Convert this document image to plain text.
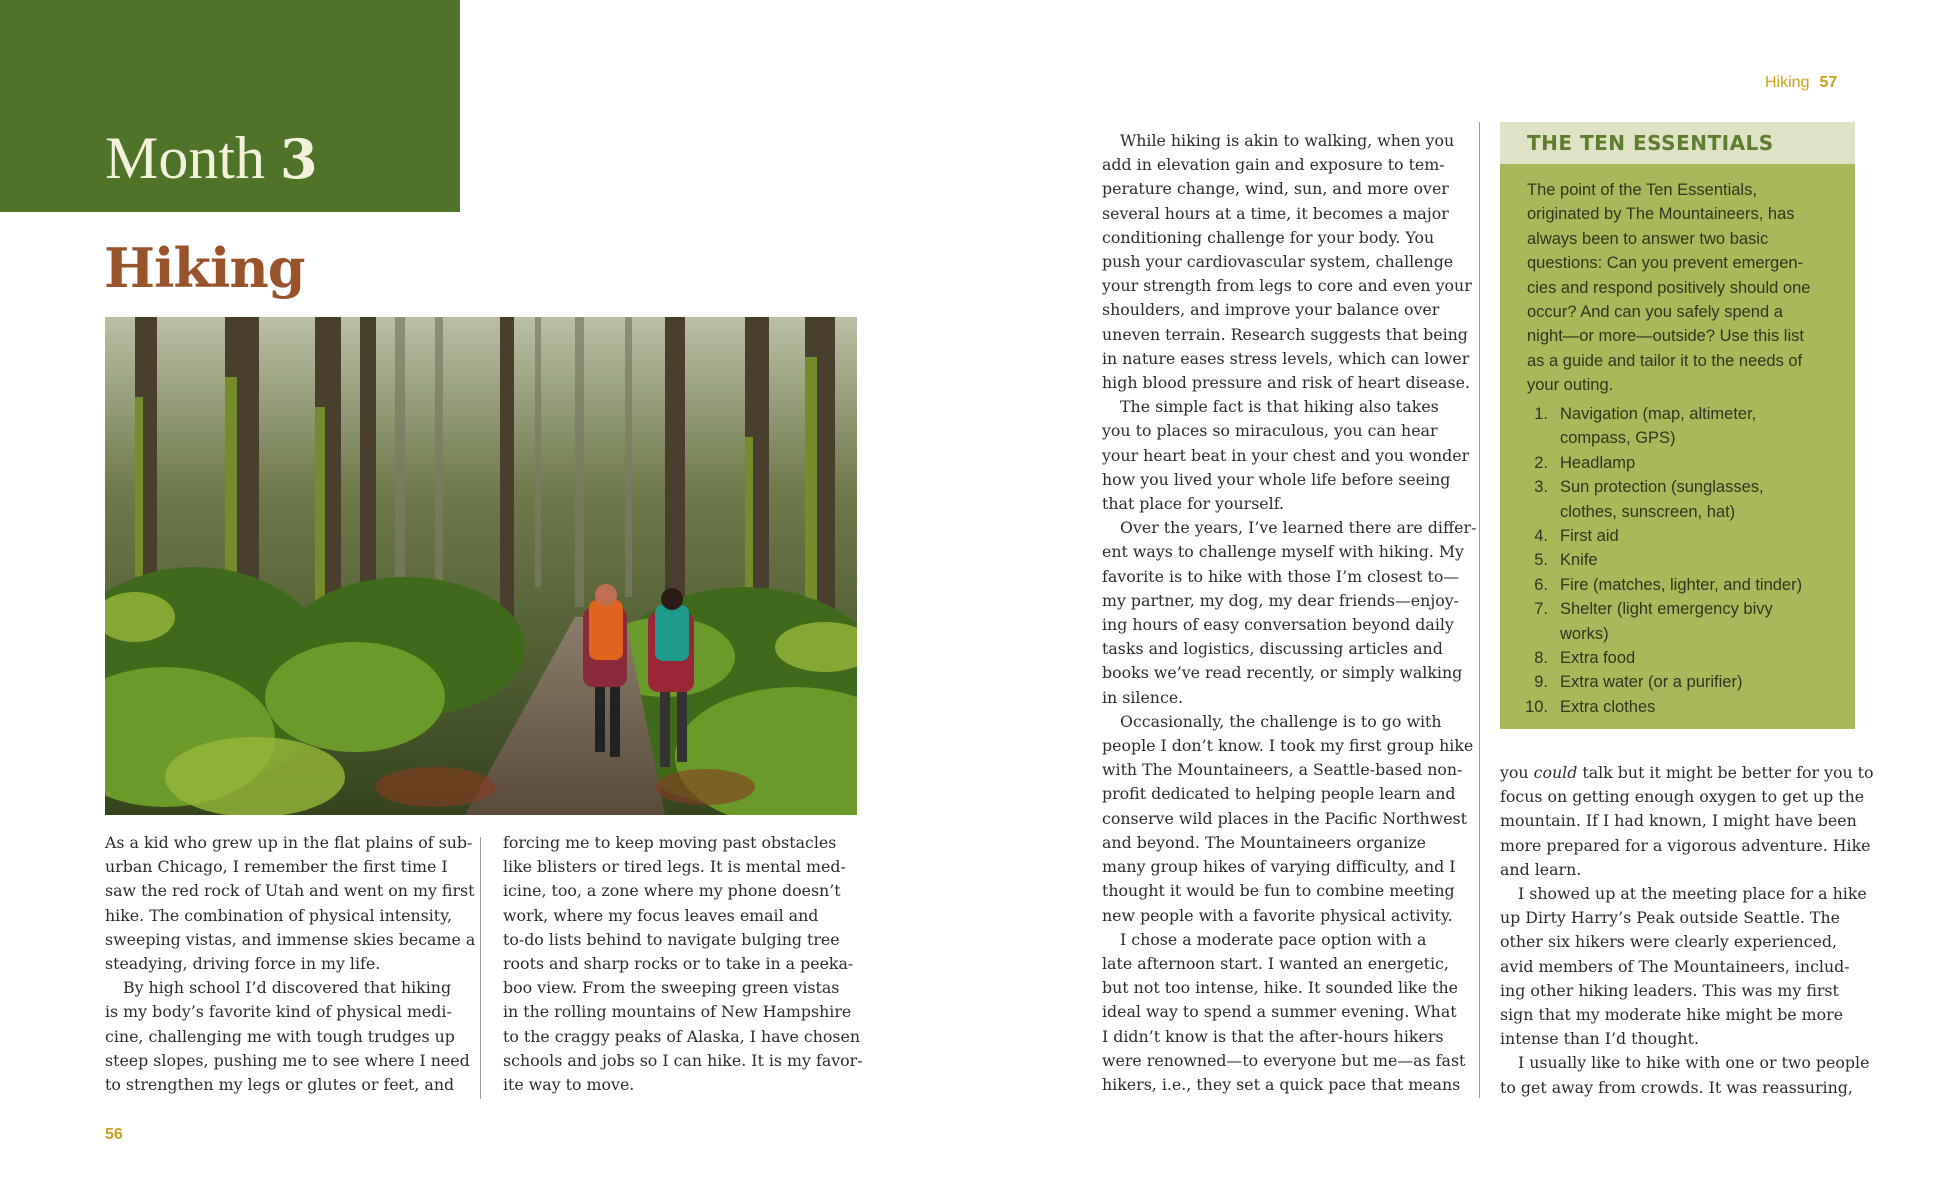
Month 3
Hiking

As a kid who grew up in the flat plains of sub-
urban Chicago, I remember the first time I
saw the red rock of Utah and went on my first
hike. The combination of physical intensity,
sweeping vistas, and immense skies became a
steadying, driving force in my life.

By high school I’d discovered that hiking
is my body’s favorite kind of physical medi-
cine, challenging me with tough trudges up
steep slopes, pushing me to see where I need
to strengthen my legs or glutes or feet, and

forcing me to keep moving past obstacles
like blisters or tired legs. It is mental med-
icine, too, a zone where my phone doesn’t
work, where my focus leaves email and
to-do lists behind to navigate bulging tree
roots and sharp rocks or to take in a peeka-
boo view. From the sweeping green vistas
in the rolling mountains of New Hampshire
to the craggy peaks of Alaska, I have chosen
schools and jobs so I can hike. It is my favor-
ite way to move.

56
Hiking 57

While hiking is akin to walking, when you
add in elevation gain and exposure to tem-
perature change, wind, sun, and more over
several hours at a time, it becomes a major
conditioning challenge for your body. You
push your cardiovascular system, challenge
your strength from legs to core and even your
shoulders, and improve your balance over
uneven terrain. Research suggests that being
in nature eases stress levels, which can lower
high blood pressure and risk of heart disease.

The simple fact is that hiking also takes
you to places so miraculous, you can hear
your heart beat in your chest and you wonder
how you lived your whole life before seeing
that place for yourself.

Over the years, I’ve learned there are differ-
ent ways to challenge myself with hiking. My
favorite is to hike with those I’m closest to—
my partner, my dog, my dear friends—enjoy-
ing hours of easy conversation beyond daily
tasks and logistics, discussing articles and
books we’ve read recently, or simply walking
in silence.

Occasionally, the challenge is to go with
people I don’t know. I took my first group hike
with The Mountaineers, a Seattle-based non-
profit dedicated to helping people learn and
conserve wild places in the Pacific Northwest
and beyond. The Mountaineers organize
many group hikes of varying difficulty, and I
thought it would be fun to combine meeting
new people with a favorite physical activity.

I chose a moderate pace option with a
late afternoon start. I wanted an energetic,
but not too intense, hike. It sounded like the
ideal way to spend a summer evening. What
I didn’t know is that the after-hours hikers
were renowned—to everyone but me—as fast
hikers, i.e., they set a quick pace that means

THE TEN ESSENTIALS
The point of the Ten Essentials,
originated by The Mountaineers, has
always been to answer two basic
questions: Can you prevent emergen-
cies and respond positively should one
occur? And can you safely spend a
night—or more—outside? Use this list
as a guide and tailor it to the needs of
your outing.
1. Navigation (map, altimeter,
compass, GPS)
2. Headlamp
3. Sun protection (sunglasses,
clothes, sunscreen, hat)
4. First aid
5. Knife
6. Fire (matches, lighter, and tinder)
7. Shelter (light emergency bivy
works)
8. Extra food
9. Extra water (or a purifier)
10. Extra clothes

you could talk but it might be better for you to
focus on getting enough oxygen to get up the
mountain. If I had known, I might have been
more prepared for a vigorous adventure. Hike
and learn.

I showed up at the meeting place for a hike
up Dirty Harry’s Peak outside Seattle. The
other six hikers were clearly experienced,
avid members of The Mountaineers, includ-
ing other hiking leaders. This was my first
sign that my moderate hike might be more
intense than I’d thought.

I usually like to hike with one or two people
to get away from crowds. It was reassuring,
